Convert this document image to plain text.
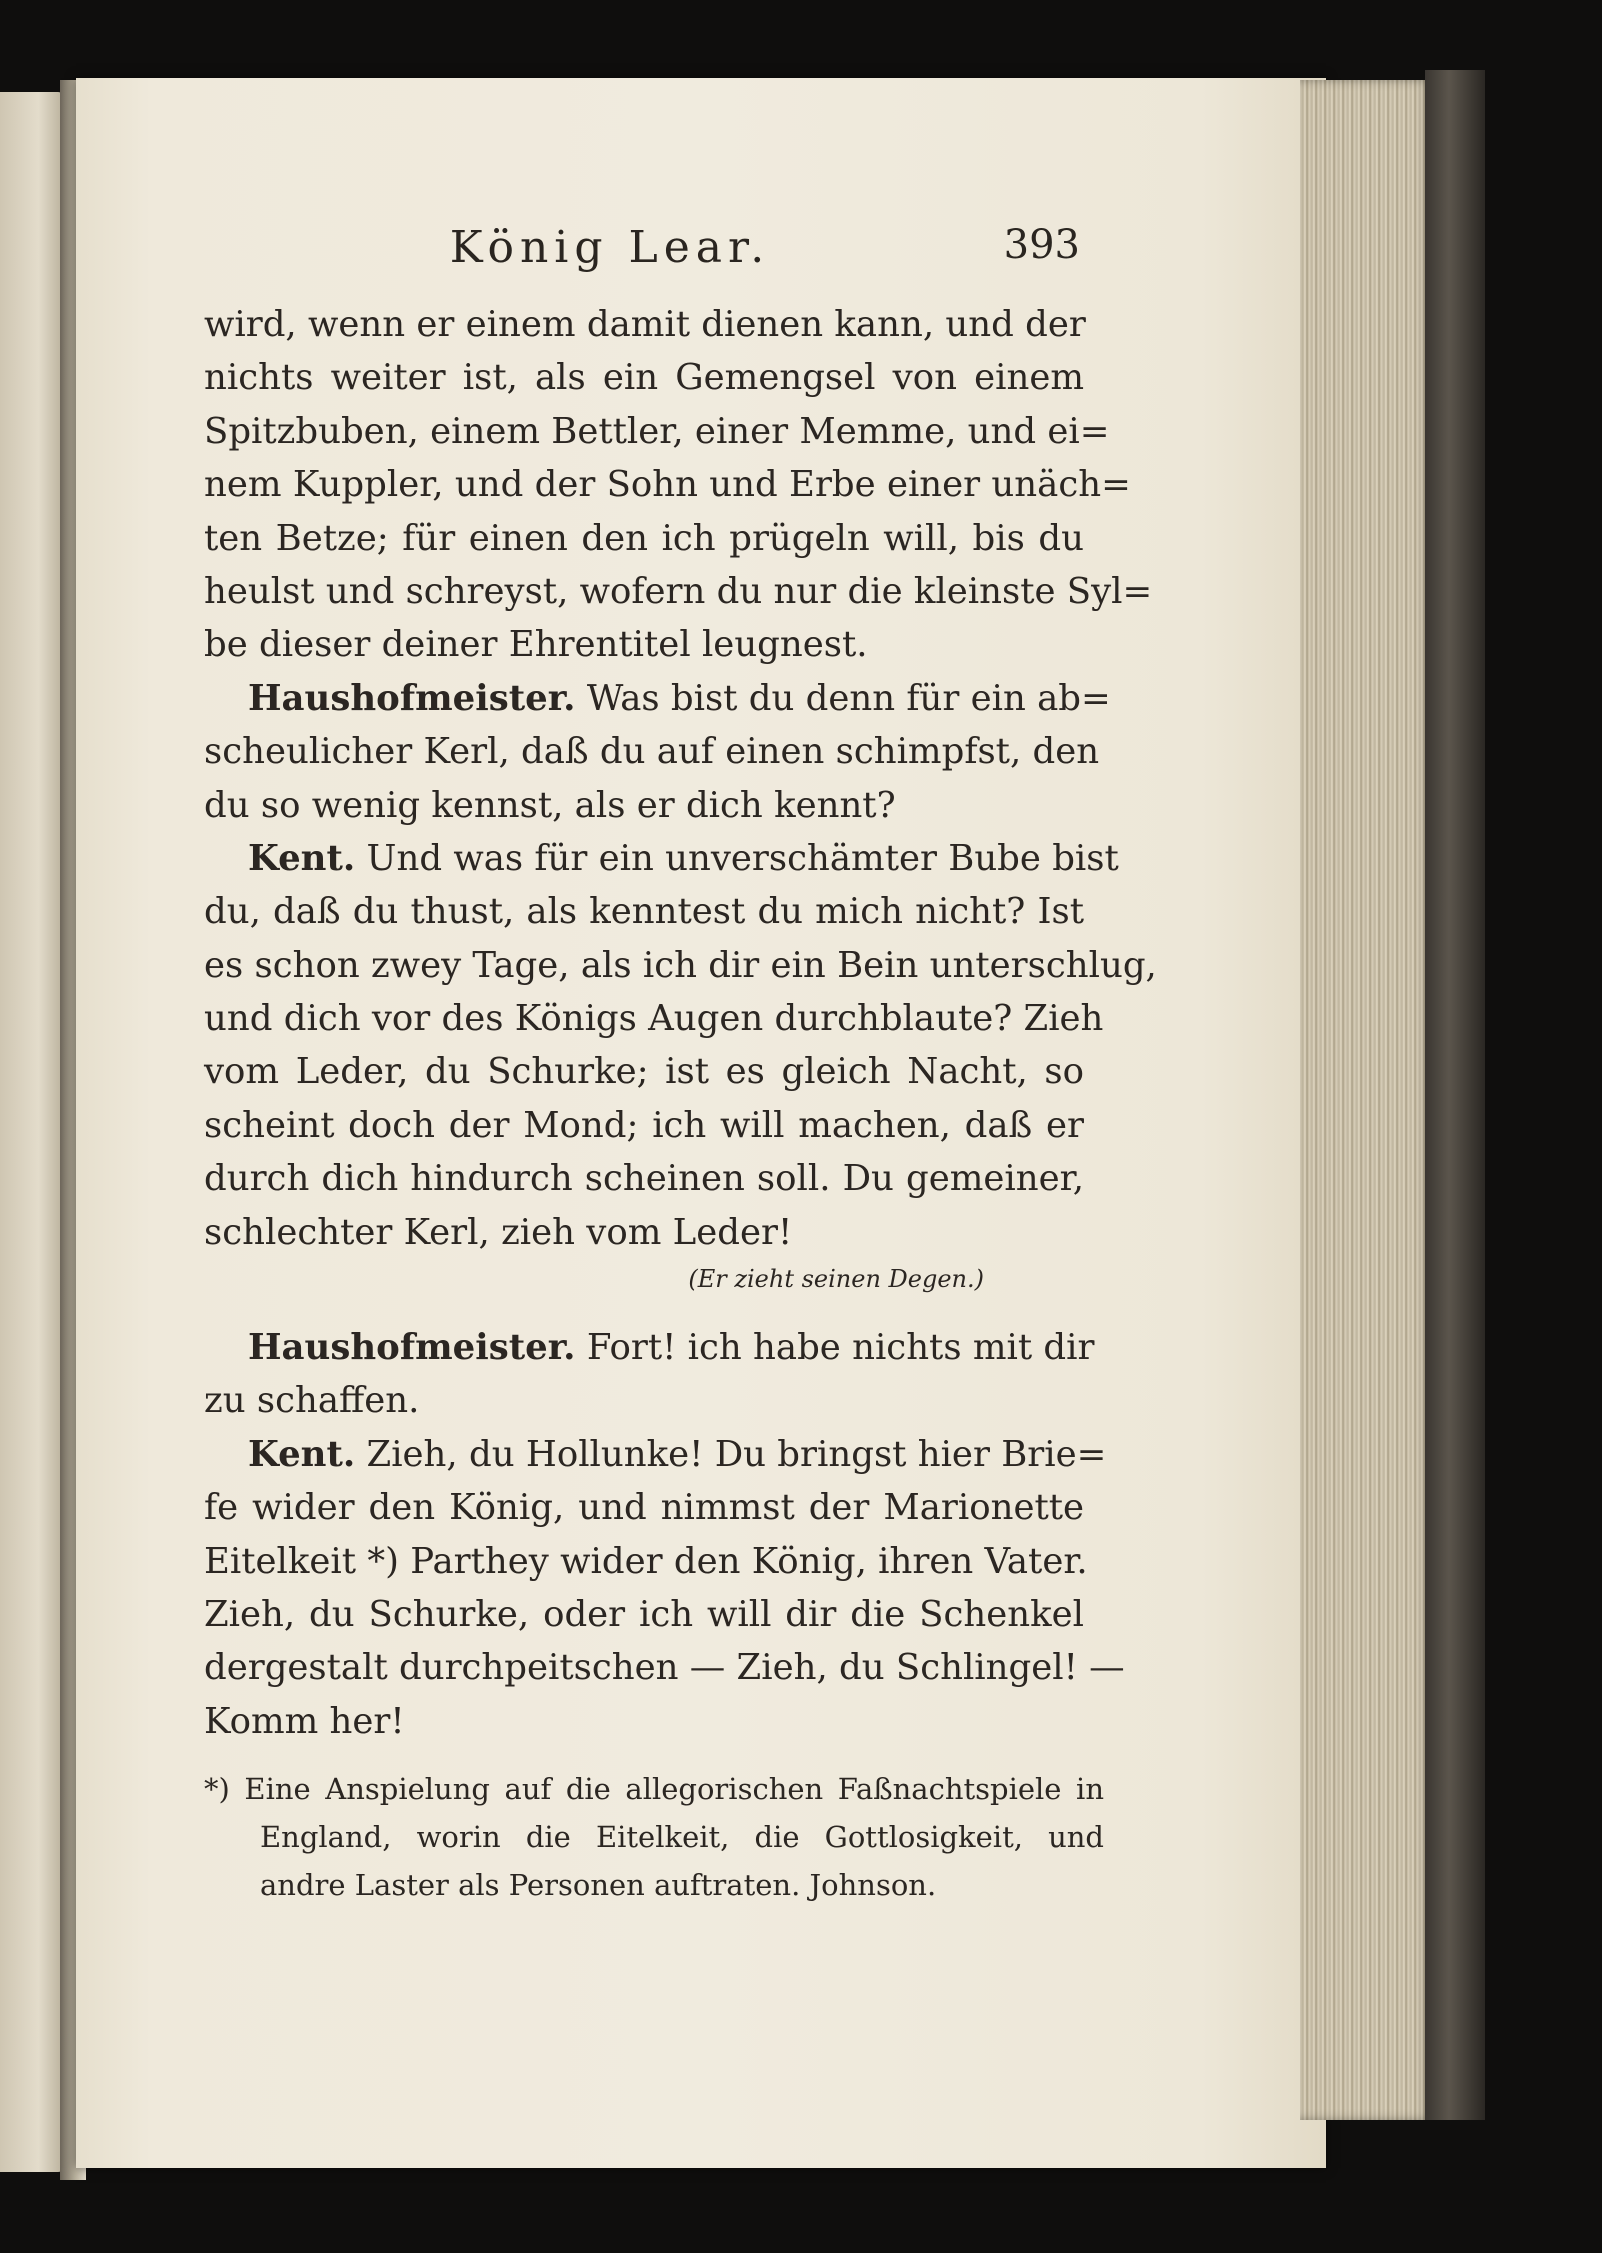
König Lear.	393
wird, wenn er einem damit dienen kann, und der
nichts weiter ist, als ein Gemengsel von einem
Spitzbuben, einem Bettler, einer Memme, und ei=
nem Kuppler, und der Sohn und Erbe einer unäch=
ten Betze; für einen den ich prügeln will, bis du
heulst und schreyst, wofern du nur die kleinste Syl=
be dieser deiner Ehrentitel leugnest.
Haushofmeister. Was bist du denn für ein ab=
scheulicher Kerl, daß du auf einen schimpfst, den
du so wenig kennst, als er dich kennt?
Kent. Und was für ein unverschämter Bube bist
du, daß du thust, als kenntest du mich nicht? Ist
es schon zwey Tage, als ich dir ein Bein unterschlug,
und dich vor des Königs Augen durchblaute? Zieh
vom Leder, du Schurke; ist es gleich Nacht, so
scheint doch der Mond; ich will machen, daß er
durch dich hindurch scheinen soll. Du gemeiner,
schlechter Kerl, zieh vom Leder!
(Er zieht seinen Degen.)
Haushofmeister. Fort! ich habe nichts mit dir
zu schaffen.
Kent. Zieh, du Hollunke! Du bringst hier Brie=
fe wider den König, und nimmst der Marionette
Eitelkeit *) Parthey wider den König, ihren Vater.
Zieh, du Schurke, oder ich will dir die Schenkel
dergestalt durchpeitschen — Zieh, du Schlingel! —
Komm her!
*) Eine Anspielung auf die allegorischen Faßnachtspiele in
England, worin die Eitelkeit, die Gottlosigkeit, und
andre Laster als Personen auftraten. Johnson.
